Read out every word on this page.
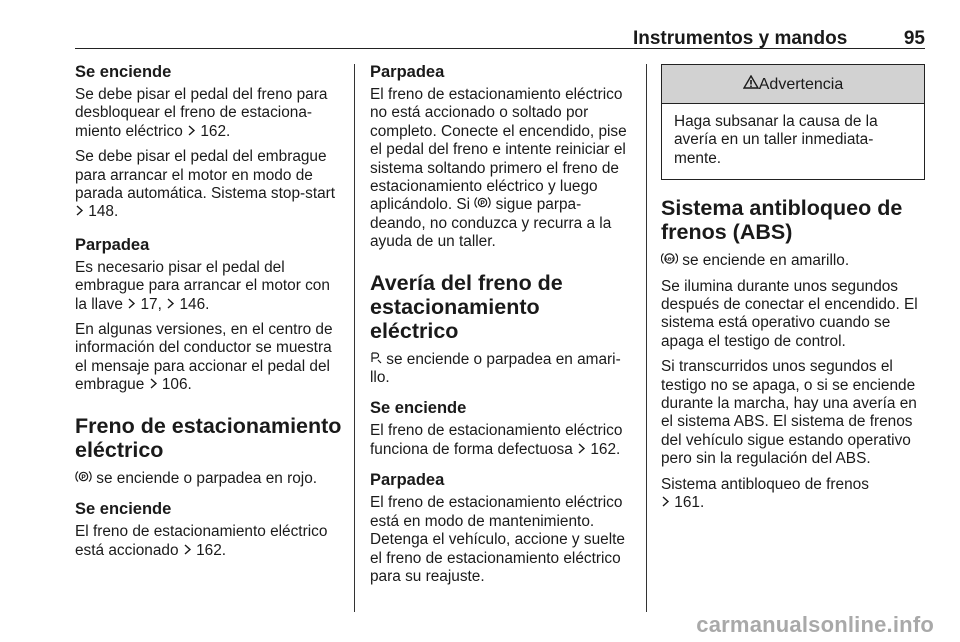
Instrumentos y mandos	95
Se enciende

Se debe pisar el pedal del freno para desbloquear el freno de estaciona-miento eléctrico 162.

Se debe pisar el pedal del embrague para arrancar el motor en modo de parada automática. Sistema stop-start  148.

Parpadea

Es necesario pisar el pedal del embrague para arrancar el motor con la llave 17, 146.

En algunas versiones, en el centro de información del conductor se muestra el mensaje para accionar el pedal del embrague 106.

Freno de estacionamiento eléctrico

P se enciende o parpadea en rojo.

Se enciende

El freno de estacionamiento eléctrico está accionado 162.

Parpadea

El freno de estacionamiento eléctrico no está accionado o soltado por completo. Conecte el encendido, pise el pedal del freno e intente reiniciar el sistema soltando primero el freno de estacionamiento eléctrico y luego aplicándolo. Si P sigue parpa-deando, no conduzca y recurra a la ayuda de un taller.

Avería del freno de estacionamiento eléctrico

se enciende o parpadea en amari-llo.

Se enciende

El freno de estacionamiento eléctrico funciona de forma defectuosa 162.

Parpadea

El freno de estacionamiento eléctrico está en modo de mantenimiento. Detenga el vehículo, accione y suelte el freno de estacionamiento eléctrico para su reajuste.

Advertencia
Haga subsanar la causa de la avería en un taller inmediata-mente.
Sistema antibloqueo de frenos (ABS)

ABS se enciende en amarillo.

Se ilumina durante unos segundos después de conectar el encendido. El sistema está operativo cuando se apaga el testigo de control.

Si transcurridos unos segundos el testigo no se apaga, o si se enciende durante la marcha, hay una avería en el sistema ABS. El sistema de frenos del vehículo sigue estando operativo pero sin la regulación del ABS.

Sistema antibloqueo de frenos
161.

carmanualsonline.info
